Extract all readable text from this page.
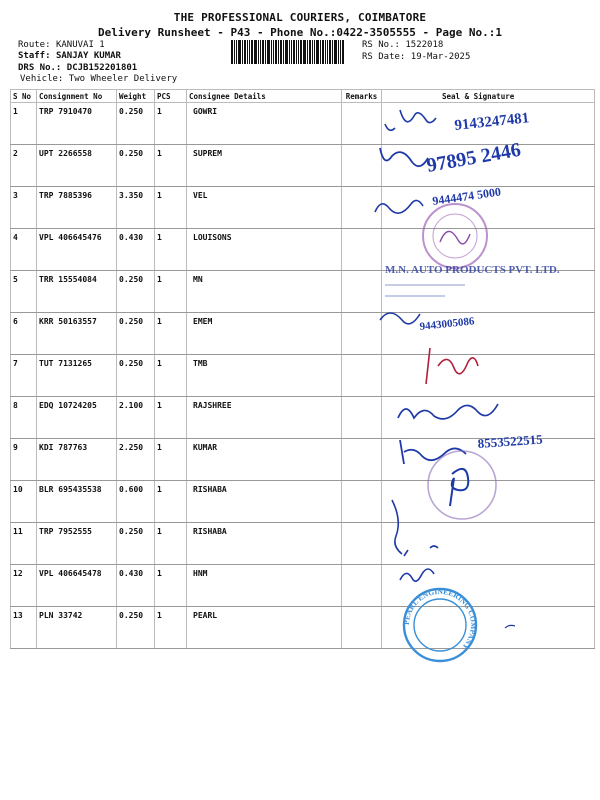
THE PROFESSIONAL COURIERS, COIMBATORE
Delivery Runsheet - P43 - Phone No.:0422-3505555 - Page No.:1
Route: KANUVAI 1
Staff: SANJAY KUMAR
DRS No.: DCJB152201801
Vehicle: Two Wheeler Delivery
RS No.: 1522018
RS Date: 19-Mar-2025
S No	Consignment No	Weight	PCS	Consignee Details	Remarks	Seal & Signature
1	TRP 7910470	0.250	1	GOWRI		
2	UPT 2266558	0.250	1	SUPREM		
3	TRP 7885396	3.350	1	VEL		
4	VPL 406645476	0.430	1	LOUISONS		
5	TRR 15554084	0.250	1	MN		
6	KRR 50163557	0.250	1	EMEM		
7	TUT 7131265	0.250	1	TMB		
8	EDQ 10724205	2.100	1	RAJSHREE		
9	KDI 787763	2.250	1	KUMAR		
10	BLR 695435538	0.600	1	RISHABA		
11	TRP 7952555	0.250	1	RISHABA		
12	VPL 406645478	0.430	1	HNM		
13	PLN 33742	0.250	1	PEARL		
9143247481
97895 2446
9444474 5000
M.N. AUTO PRODUCTS PVT. LTD.
9443005086
8553522515
PEARL ENGINEERING COMPANY
